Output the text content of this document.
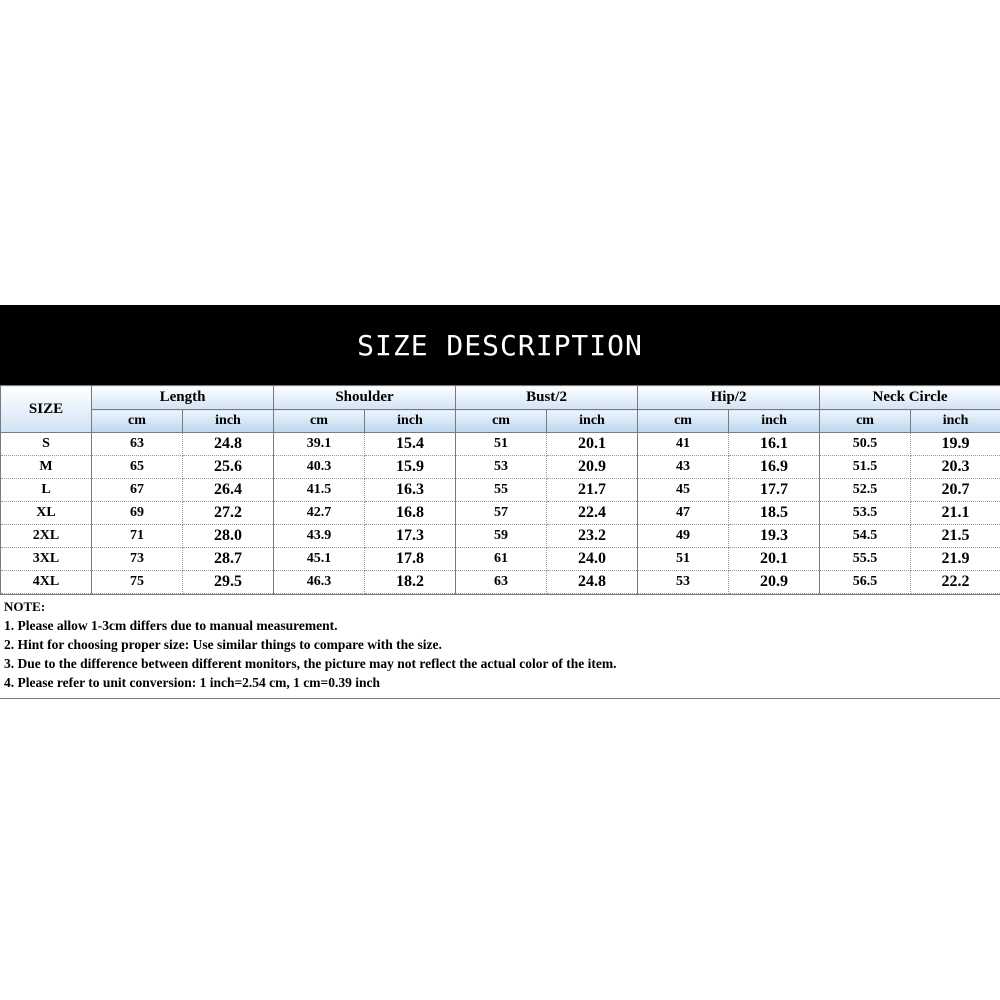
SIZE DESCRIPTION
SIZE	Length		Shoulder		Bust/2		Hip/2		Neck Circle	
	cm	inch	cm	inch	cm	inch	cm	inch	cm	inch
S	63	24.8	39.1	15.4	51	20.1	41	16.1	50.5	19.9
M	65	25.6	40.3	15.9	53	20.9	43	16.9	51.5	20.3
L	67	26.4	41.5	16.3	55	21.7	45	17.7	52.5	20.7
XL	69	27.2	42.7	16.8	57	22.4	47	18.5	53.5	21.1
2XL	71	28.0	43.9	17.3	59	23.2	49	19.3	54.5	21.5
3XL	73	28.7	45.1	17.8	61	24.0	51	20.1	55.5	21.9
4XL	75	29.5	46.3	18.2	63	24.8	53	20.9	56.5	22.2
NOTE:
1. Please allow 1-3cm differs due to manual measurement.
2. Hint for choosing proper size: Use similar things to compare with the size.
3. Due to the difference between different monitors, the picture may not reflect the actual color of the item.
4. Please refer to unit conversion: 1 inch=2.54 cm, 1 cm=0.39 inch
